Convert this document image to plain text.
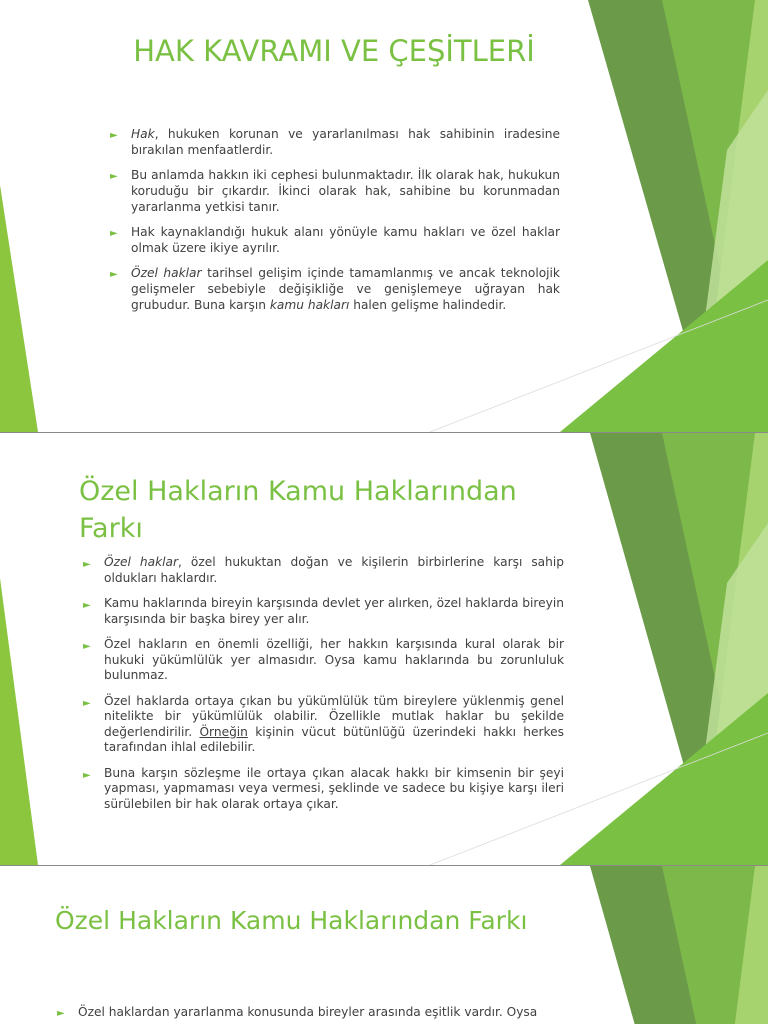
HAK KAVRAMI VE ÇEŞİTLERİ
► Hak, hukuken korunan ve yararlanılması hak sahibinin iradesine bırakılan menfaatlerdir.
► Bu anlamda hakkın iki cephesi bulunmaktadır. İlk olarak hak, hukukun koruduğu bir çıkardır. İkinci olarak hak, sahibine bu korunmadan yararlanma yetkisi tanır.
► Hak kaynaklandığı hukuk alanı yönüyle kamu hakları ve özel haklar olmak üzere ikiye ayrılır.
► Özel haklar tarihsel gelişim içinde tamamlanmış ve ancak teknolojik gelişmeler sebebiyle değişikliğe ve genişlemeye uğrayan hak grubudur. Buna karşın kamu hakları halen gelişme halindedir.
Özel Hakların Kamu Haklarından Farkı
► Özel haklar, özel hukuktan doğan ve kişilerin birbirlerine karşı sahip oldukları haklardır.
► Kamu haklarında bireyin karşısında devlet yer alırken, özel haklarda bireyin karşısında bir başka birey yer alır.
► Özel hakların en önemli özelliği, her hakkın karşısında kural olarak bir hukuki yükümlülük yer almasıdır. Oysa kamu haklarında bu zorunluluk bulunmaz.
► Özel haklarda ortaya çıkan bu yükümlülük tüm bireylere yüklenmiş genel nitelikte bir yükümlülük olabilir. Özellikle mutlak haklar bu şekilde değerlendirilir. Örneğin kişinin vücut bütünlüğü üzerindeki hakkı herkes tarafından ihlal edilebilir.
► Buna karşın sözleşme ile ortaya çıkan alacak hakkı bir kimsenin bir şeyi yapması, yapmaması veya vermesi, şeklinde ve sadece bu kişiye karşı ileri sürülebilen bir hak olarak ortaya çıkar.
Özel Hakların Kamu Haklarından Farkı
► Özel haklardan yararlanma konusunda bireyler arasında eşitlik vardır. Oysa
